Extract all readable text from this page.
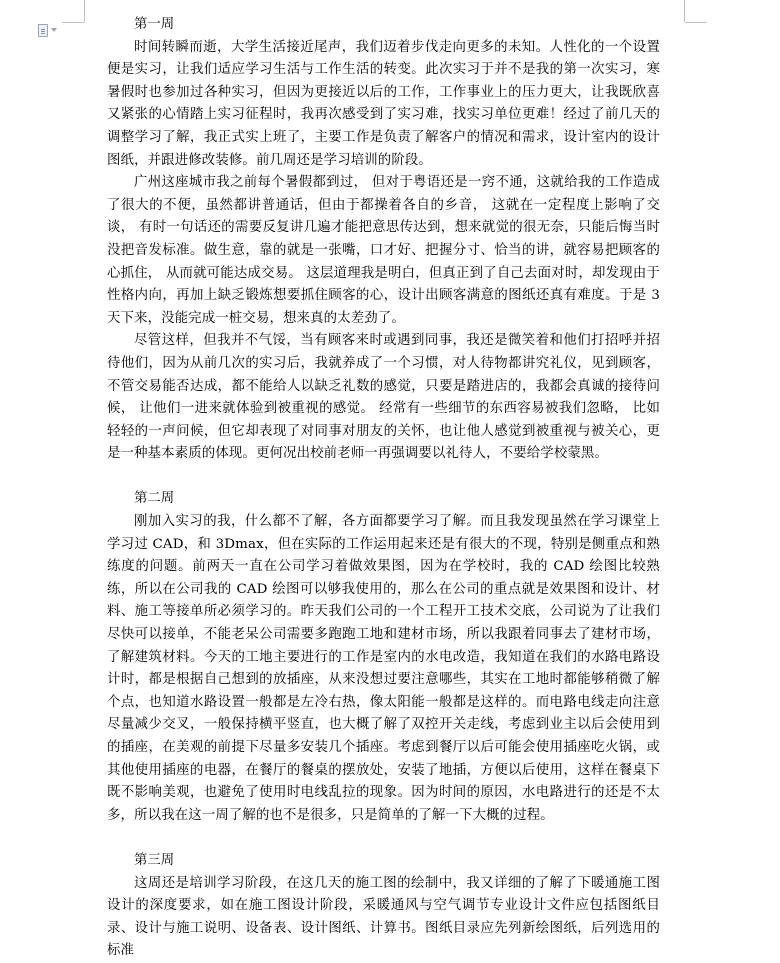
第一周

时间转瞬而逝，大学生活接近尾声，我们迈着步伐走向更多的未知。人性化的一个设置便是实习，让我们适应学习生活与工作生活的转变。此次实习于并不是我的第一次实习，寒暑假时也参加过各种实习，但因为更接近以后的工作，工作事业上的压力更大，让我既欣喜又紧张的心情踏上实习征程时，我再次感受到了实习难，找实习单位更难！经过了前几天的调整学习了解，我正式实上班了，主要工作是负责了解客户的情况和需求，设计室内的设计图纸，并跟进修改装修。前几周还是学习培训的阶段。

广州这座城市我之前每个暑假都到过， 但对于粤语还是一窍不通，这就给我的工作造成了很大的不便，虽然都讲普通话，但由于都操着各自的乡音， 这就在一定程度上影响了交谈， 有时一句话还的需要反复讲几遍才能把意思传达到，想来就觉的很无奈，只能后悔当时没把音发标准。做生意，靠的就是一张嘴，口才好、把握分寸、恰当的讲，就容易把顾客的心抓住， 从而就可能达成交易。 这层道理我是明白，但真正到了自己去面对时，却发现由于性格内向，再加上缺乏锻炼想要抓住顾客的心，设计出顾客满意的图纸还真有难度。于是 3 天下来，没能完成一桩交易，想来真的太差劲了。

尽管这样，但我并不气馁，当有顾客来时或遇到同事，我还是微笑着和他们打招呼并招待他们，因为从前几次的实习后，我就养成了一个习惯，对人待物都讲究礼仪，见到顾客，不管交易能否达成，都不能给人以缺乏礼数的感觉，只要是踏进店的，我都会真诚的接待问候， 让他们一进来就体验到被重视的感觉。 经常有一些细节的东西容易被我们忽略， 比如轻轻的一声问候，但它却表现了对同事对朋友的关怀，也让他人感觉到被重视与被关心，更是一种基本素质的体现。更何况出校前老师一再强调要以礼待人，不要给学校蒙黑。

第二周

刚加入实习的我，什么都不了解，各方面都要学习了解。而且我发现虽然在学习课堂上学习过 CAD，和 3Dmax，但在实际的工作运用起来还是有很大的不现，特别是侧重点和熟练度的问题。前两天一直在公司学习着做效果图，因为在学校时，我的 CAD 绘图比较熟练，所以在公司我的 CAD 绘图可以够我使用的，那么在公司的重点就是效果图和设计、材料、施工等接单所必须学习的。昨天我们公司的一个工程开工技术交底，公司说为了让我们尽快可以接单，不能老呆公司需要多跑跑工地和建材市场，所以我跟着同事去了建材市场，了解建筑材料。今天的工地主要进行的工作是室内的水电改造，我知道在我们的水路电路设计时，都是根据自己想到的放插座，从来没想过要注意哪些，其实在工地时都能够稍微了解个点，也知道水路设置一般都是左冷右热，像太阳能一般都是这样的。而电路电线走向注意尽量减少交叉，一般保持横平竖直，也大概了解了双控开关走线，考虑到业主以后会使用到的插座，在美观的前提下尽量多安装几个插座。考虑到餐厅以后可能会使用插座吃火锅，或其他使用插座的电器，在餐厅的餐桌的摆放处，安装了地插，方便以后使用，这样在餐桌下既不影响美观，也避免了使用时电线乱拉的现象。因为时间的原因，水电路进行的还是不太多，所以我在这一周了解的也不是很多，只是简单的了解一下大概的过程。

第三周

这周还是培训学习阶段，在这几天的施工图的绘制中，我又详细的了解了下暖通施工图设计的深度要求，如在施工图设计阶段，采暖通风与空气调节专业设计文件应包括图纸目录、设计与施工说明、设备表、设计图纸、计算书。图纸目录应先列新绘图纸，后列选用的标准
